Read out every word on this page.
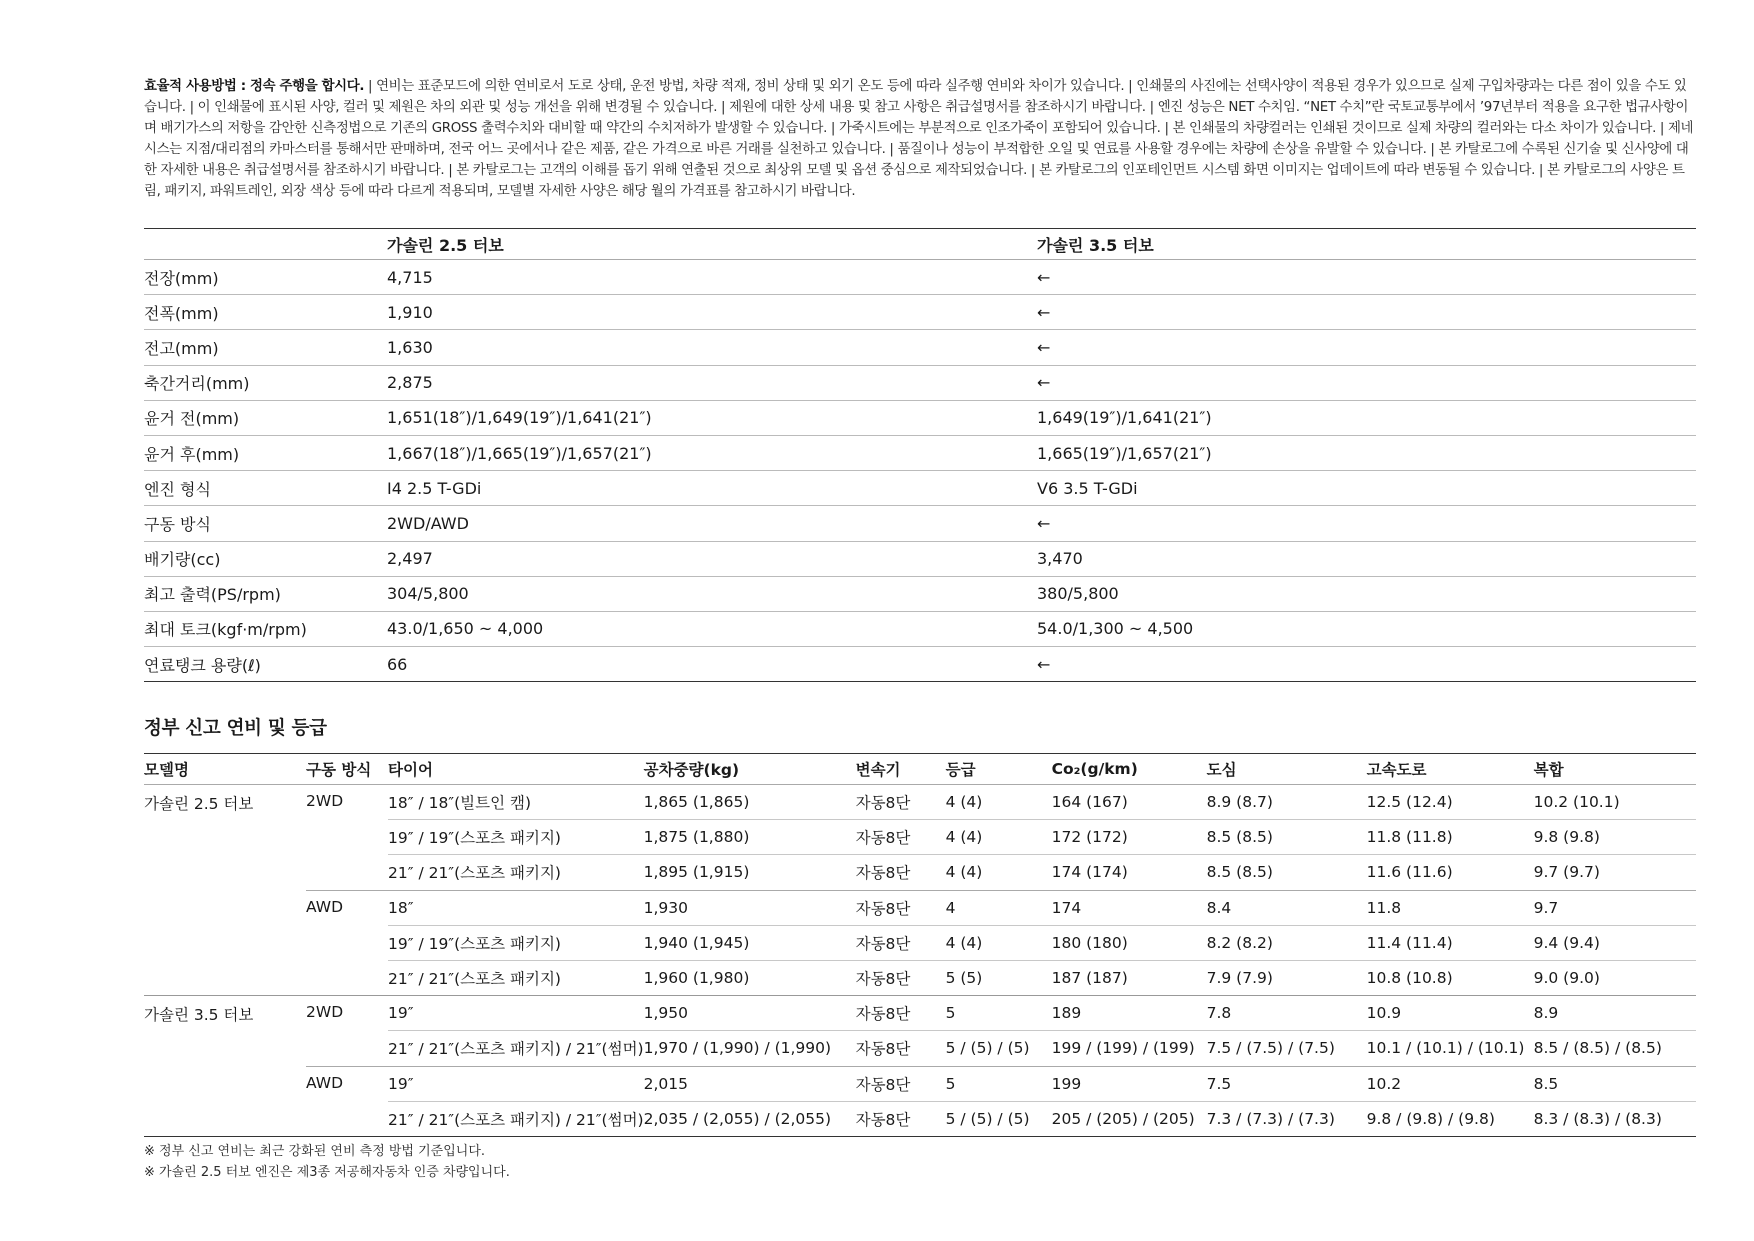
효율적 사용방법 : 정속 주행을 합시다. | 연비는 표준모드에 의한 연비로서 도로 상태, 운전 방법, 차량 적재, 정비 상태 및 외기 온도 등에 따라 실주행 연비와 차이가 있습니다. | 인쇄물의 사진에는 선택사양이 적용된 경우가 있으므로 실제 구입차량과는 다른 점이 있을 수도 있습니다. | 이 인쇄물에 표시된 사양, 컬러 및 제원은 차의 외관 및 성능 개선을 위해 변경될 수 있습니다. | 제원에 대한 상세 내용 및 참고 사항은 취급설명서를 참조하시기 바랍니다. | 엔진 성능은 NET 수치임. “NET 수치”란 국토교통부에서 ’97년부터 적용을 요구한 법규사항이며 배기가스의 저항을 감안한 신측정법으로 기존의 GROSS 출력수치와 대비할 때 약간의 수치저하가 발생할 수 있습니다. | 가죽시트에는 부분적으로 인조가죽이 포함되어 있습니다. | 본 인쇄물의 차량컬러는 인쇄된 것이므로 실제 차량의 컬러와는 다소 차이가 있습니다. | 제네시스는 지점/대리점의 카마스터를 통해서만 판매하며, 전국 어느 곳에서나 같은 제품, 같은 가격으로 바른 거래를 실천하고 있습니다. | 품질이나 성능이 부적합한 오일 및 연료를 사용할 경우에는 차량에 손상을 유발할 수 있습니다. | 본 카탈로그에 수록된 신기술 및 신사양에 대한 자세한 내용은 취급설명서를 참조하시기 바랍니다. | 본 카탈로그는 고객의 이해를 돕기 위해 연출된 것으로 최상위 모델 및 옵션 중심으로 제작되었습니다. | 본 카탈로그의 인포테인먼트 시스템 화면 이미지는 업데이트에 따라 변동될 수 있습니다. | 본 카탈로그의 사양은 트림, 패키지, 파워트레인, 외장 색상 등에 따라 다르게 적용되며, 모델별 자세한 사양은 해당 월의 가격표를 참고하시기 바랍니다.

	가솔린 2.5 터보	가솔린 3.5 터보
전장(mm)	4,715	←
전폭(mm)	1,910	←
전고(mm)	1,630	←
축간거리(mm)	2,875	←
윤거 전(mm)	1,651(18″)/1,649(19″)/1,641(21″)	1,649(19″)/1,641(21″)
윤거 후(mm)	1,667(18″)/1,665(19″)/1,657(21″)	1,665(19″)/1,657(21″)
엔진 형식	I4 2.5 T-GDi	V6 3.5 T-GDi
구동 방식	2WD/AWD	←
배기량(cc)	2,497	3,470
최고 출력(PS/rpm)	304/5,800	380/5,800
최대 토크(kgf·m/rpm)	43.0/1,650 ~ 4,000	54.0/1,300 ~ 4,500
연료탱크 용량(ℓ)	66	←
정부 신고 연비 및 등급
모델명	구동 방식	타이어	공차중량(kg)	변속기	등급	Co₂(g/km)	도심	고속도로	복합
가솔린 2.5 터보	2WD	18″ / 18″(빌트인 캠)	1,865 (1,865)	자동8단	4 (4)	164 (167)	8.9 (8.7)	12.5 (12.4)	10.2 (10.1)
		19″ / 19″(스포츠 패키지)	1,875 (1,880)	자동8단	4 (4)	172 (172)	8.5 (8.5)	11.8 (11.8)	9.8 (9.8)
		21″ / 21″(스포츠 패키지)	1,895 (1,915)	자동8단	4 (4)	174 (174)	8.5 (8.5)	11.6 (11.6)	9.7 (9.7)
	AWD	18″	1,930	자동8단	4	174	8.4	11.8	9.7
		19″ / 19″(스포츠 패키지)	1,940 (1,945)	자동8단	4 (4)	180 (180)	8.2 (8.2)	11.4 (11.4)	9.4 (9.4)
		21″ / 21″(스포츠 패키지)	1,960 (1,980)	자동8단	5 (5)	187 (187)	7.9 (7.9)	10.8 (10.8)	9.0 (9.0)
가솔린 3.5 터보	2WD	19″	1,950	자동8단	5	189	7.8	10.9	8.9
		21″ / 21″(스포츠 패키지) / 21″(썸머)	1,970 / (1,990) / (1,990)	자동8단	5 / (5) / (5)	199 / (199) / (199)	7.5 / (7.5) / (7.5)	10.1 / (10.1) / (10.1)	8.5 / (8.5) / (8.5)
	AWD	19″	2,015	자동8단	5	199	7.5	10.2	8.5
		21″ / 21″(스포츠 패키지) / 21″(썸머)	2,035 / (2,055) / (2,055)	자동8단	5 / (5) / (5)	205 / (205) / (205)	7.3 / (7.3) / (7.3)	9.8 / (9.8) / (9.8)	8.3 / (8.3) / (8.3)
※ 정부 신고 연비는 최근 강화된 연비 측정 방법 기준입니다.
※ 가솔린 2.5 터보 엔진은 제3종 저공해자동차 인증 차량입니다.
